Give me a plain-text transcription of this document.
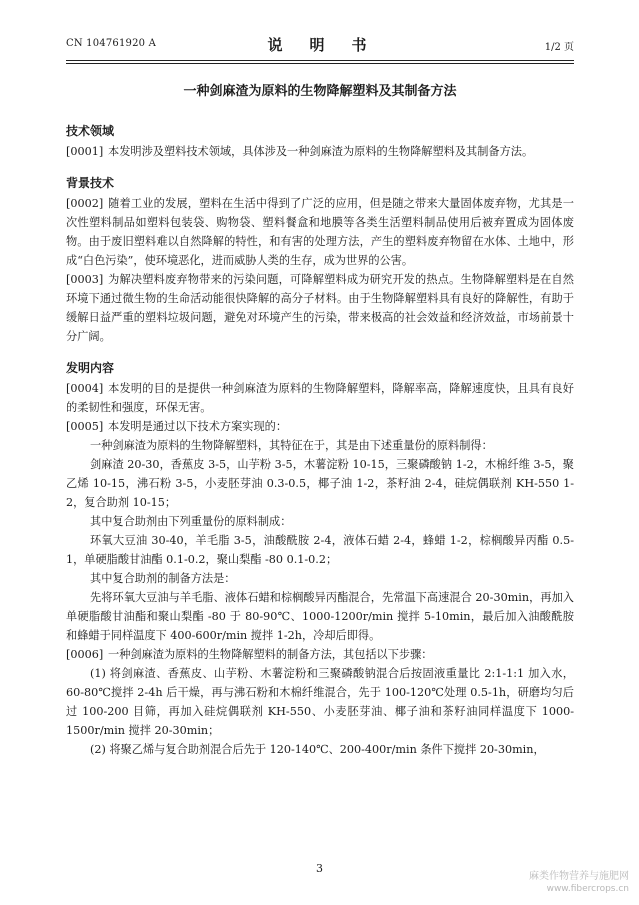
CN 104761920 A	说　明　书	1/2 页
一种剑麻渣为原料的生物降解塑料及其制备方法
技术领域
[0001] 本发明涉及塑料技术领域，具体涉及一种剑麻渣为原料的生物降解塑料及其制备方法。
背景技术
[0002] 随着工业的发展，塑料在生活中得到了广泛的应用，但是随之带来大量固体废弃物，尤其是一次性塑料制品如塑料包装袋、购物袋、塑料餐盒和地膜等各类生活塑料制品使用后被弃置成为固体废物。由于废旧塑料难以自然降解的特性，和有害的处理方法，产生的塑料废弃物留在水体、土地中，形成“白色污染”，使环境恶化，进而威胁人类的生存，成为世界的公害。
[0003] 为解决塑料废弃物带来的污染问题，可降解塑料成为研究开发的热点。生物降解塑料是在自然环境下通过微生物的生命活动能很快降解的高分子材料。由于生物降解塑料具有良好的降解性，有助于缓解日益严重的塑料垃圾问题，避免对环境产生的污染，带来极高的社会效益和经济效益，市场前景十分广阔。
发明内容
[0004] 本发明的目的是提供一种剑麻渣为原料的生物降解塑料，降解率高，降解速度快，且具有良好的柔韧性和强度，环保无害。
[0005] 本发明是通过以下技术方案实现的：
一种剑麻渣为原料的生物降解塑料，其特征在于，其是由下述重量份的原料制得：
剑麻渣 20-30，香蕉皮 3-5，山芋粉 3-5，木薯淀粉 10-15，三聚磷酸钠 1-2，木棉纤维 3-5，聚乙烯 10-15，沸石粉 3-5，小麦胚芽油 0.3-0.5，椰子油 1-2，茶籽油 2-4，硅烷偶联剂 KH-550 1-2，复合助剂 10-15；
其中复合助剂由下列重量份的原料制成：
环氧大豆油 30-40，羊毛脂 3-5，油酸酰胺 2-4，液体石蜡 2-4，蜂蜡 1-2，棕榈酸异丙酯 0.5-1，单硬脂酸甘油酯 0.1-0.2，聚山梨酯 -80 0.1-0.2；
其中复合助剂的制备方法是：
先将环氧大豆油与羊毛脂、液体石蜡和棕榈酸异丙酯混合，先常温下高速混合 20-30min，再加入单硬脂酸甘油酯和聚山梨酯 -80 于 80-90℃、1000-1200r/min 搅拌 5-10min，最后加入油酸酰胺和蜂蜡于同样温度下 400-600r/min 搅拌 1-2h，冷却后即得。
[0006] 一种剑麻渣为原料的生物降解塑料的制备方法，其包括以下步骤：
(1) 将剑麻渣、香蕉皮、山芋粉、木薯淀粉和三聚磷酸钠混合后按固液重量比 2:1-1:1 加入水，60-80℃搅拌 2-4h 后干燥，再与沸石粉和木棉纤维混合，先于 100-120℃处理 0.5-1h，研磨均匀后过 100-200 目筛，再加入硅烷偶联剂 KH-550、小麦胚芽油、椰子油和茶籽油同样温度下 1000-1500r/min 搅拌 20-30min；
(2) 将聚乙烯与复合助剂混合后先于 120-140℃、200-400r/min 条件下搅拌 20-30min，
3
麻类作物营养与施肥网
www.fibercrops.cn
